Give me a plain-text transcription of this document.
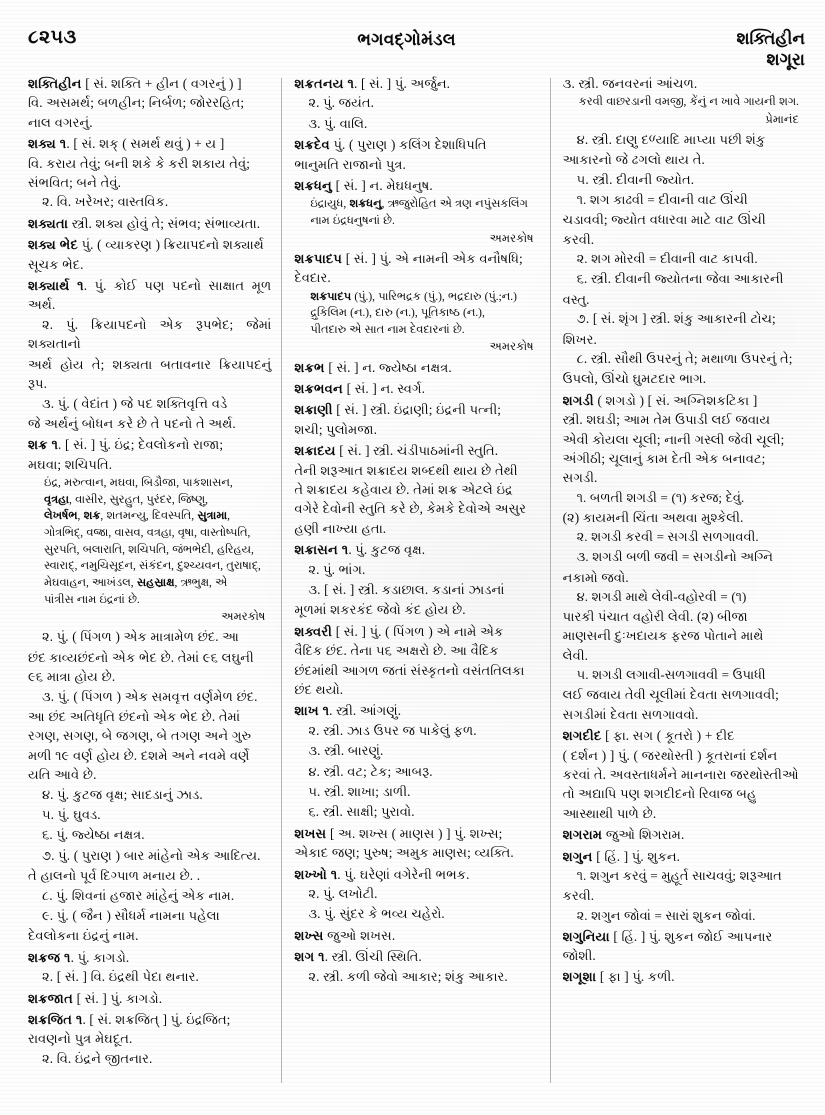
૮૨૫૩	ભગવદ્ગોમંડલ	શક્તિહીન
શગૂરા
શક્તિહીન [ સં. શક્તિ + હીન ( વગરનું ) ]
વિ. અસમર્થ; બળહીન; નિર્બળ; જોરરહિત;
નાલ વગરનું.
શક્ય ૧. [ સં. શક્ ( સમર્થ થવું ) + ય ]
વિ. કરાય તેવું; બની શકે કે કરી શકાય તેવું;
સંભવિત; બને તેવું.
૨. વિ. ખરેખર; વાસ્તવિક.
શક્યતા સ્ત્રી. શક્ય હોવું તે; સંભવ; સંભાવ્યતા.
શક્ય ભેદ પું. ( વ્યાકરણ ) ક્રિયાપદનો શક્યાર્થ
સૂચક ભેદ.
શક્યાર્થ ૧. પું. કોઈ પણ પદનો સાક્ષાત મૂળ અર્થ.
૨. પું. ક્રિયાપદનો એક રૂપભેદ; જેમાં શક્યતાનો
અર્થ હોય તે; શક્યતા બતાવનાર ક્રિયાપદનું રૂપ.
૩. પું. ( વેદાંત ) જે પદ શક્તિવૃત્તિ વડે
જે અર્થનું બોધન કરે છે તે પદનો તે અર્થ.
શક્ર ૧. [ સં. ] પું. ઇંદ્ર; દેવલોકનો રાજા;
મઘવા; શચિપતિ.
ઇંદ્ર, મરુત્વાન, મઘવા, બિડૌજા, પાકશાસન,
વૃત્રહા, વાસીર, સુરહુત, પુરંદર, જિષ્ણુ,
લેખર્ષભ, શક્ર, શતમન્યુ, દિવસ્પતિ, સુત્રામા,
ગોત્રભિદ્, વજ્રા, વાસવ, વત્રહા, વૃષા, વાસ્તોષ્પતિ,
સુરપતિ, બલારાતિ, શચિપતિ, જંભભેદી, હરિહય,
સ્વારાદ્, નમુચિસૂદન, સંકંદન, દુશ્ચ્યવન, તુરાષાદ્,
મેઘવાહન, આખંડલ, સહસ્રાક્ષ, ઋભુક્ષ, એ
પાંત્રીસ નામ ઇંદ્રનાં છે.
અમરકોષ
૨. પું. ( પિંગળ ) એક માત્રામેળ છંદ. આ
છંદ કાવ્યછંદનો એક ભેદ છે. તેમાં ૯૬ લઘુની
૯૬ માત્રા હોય છે.
૩. પું. ( પિંગળ ) એક સમવૃત્ત વર્ણમેળ છંદ.
આ છંદ અતિધૃતિ છંદનો એક ભેદ છે. તેમાં
રગણ, સગણ, બે જગણ, બે તગણ અને ગુરુ
મળી ૧૯ વર્ણ હોય છે. દશમે અને નવમે વર્ણે
યતિ આવે છે.
૪. પું. કુટજ વૃક્ષ; સાદડાનું ઝાડ.
૫. પું. ઘુવડ.
૬. પું. જ્યેષ્ઠા નક્ષત્ર.
૭. પું. ( પુરાણ ) બાર માંહેનો એક આદિત્ય.
તે હાલનો પૂર્વ દિગ્પાળ મનાય છે. .
૮. પું. શિવનાં હજાર માંહેનું એક નામ.
૯. પું. ( જૈન ) સૌધર્મ નામના પહેલા
દેવલોકના ઇંદ્રનું નામ.
શક્રજ ૧. પું. કાગડો.
૨. [ સં. ] વિ. ઇંદ્રથી પેદા થનાર.
શક્રજાત [ સં. ] પું. કાગડો.
શક્રજિત ૧. [ સં. શક્રજિત્ ] પું. ઇંદ્રજિત;
રાવણનો પુત્ર મેઘદૂત.
૨. વિ. ઇંદ્રને જીતનાર.
શક્રતનય ૧. [ સં. ] પું. અર્જુન.
૨. પું. જયંત.
૩. પું. વાલિ.
શક્રદેવ પું. ( પુરાણ ) કલિંગ દેશાધિપતિ
ભાનુમતિ રાજાનો પુત્ર.
શક્રધનુ [ સં. ] ન. મેઘધનુષ.
ઇંદ્રાયુધ, શક્રધનુ, ઋજુરોહિત એ ત્રણ નપુંસકલિંગ
નામ ઇંદ્રધનુષનાં છે.
અમરકોષ
શક્રપાદપ [ સં. ] પું. એ નામની એક વનૌષધિ;
દેવદાર.
શક્રપાદપ (પું.), પારિભદ્રક (પું.), ભદ્રદારુ (પું.;ન.)
દ્રુકિલિમ (ન.), દારુ (ન.), પૂતિકાષ્ઠ (ન.),
પીતદારુ એ સાત નામ દેવદારનાં છે.
અમરકોષ
શક્રભ [ સં. ] ન. જ્યેષ્ઠા નક્ષત્ર.
શક્રભવન [ સં. ] ન. સ્વર્ગ.
શક્રાણી [ સં. ] સ્ત્રી. ઇંદ્રાણી; ઇંદ્રની પત્ની;
શચી; પુલોમજા.
શક્રાદય [ સં. ] સ્ત્રી. ચંડીપાઠમાંની સ્તુતિ.
તેની શરૂઆત શક્રાદય શબ્દથી થાય છે તેથી
તે શક્રાદય કહેવાય છે. તેમાં શક્ર એટલે ઇંદ્ર
વગેરે દેવોની સ્તુતિ કરે છે, કેમકે દેવોએ અસુર
હણી નાખ્યા હતા.
શક્રાસન ૧. પું. કુટજ વૃક્ષ.
૨. પું. ભાંગ.
૩. [ સં. ] સ્ત્રી. કડાછાલ. કડાનાં ઝાડનાં
મૂળમાં શકરકંદ જેવો કંદ હોય છે.
શક્વરી [ સં. ] પું. ( પિંગળ ) એ નામે એક
વૈદિક છંદ. તેના ૫૬ અક્ષરો છે. આ વૈદિક
છંદમાંથી આગળ જતાં સંસ્કૃતનો વસંતતિલકા
છંદ થયો.
શાખ ૧. સ્ત્રી. આંગણું.
૨. સ્ત્રી. ઝાડ ઉપર જ પાકેલું ફળ.
૩. સ્ત્રી. બારણું.
૪. સ્ત્રી. વટ; ટેક; આબરૂ.
૫. સ્ત્રી. શાખા; ડાળી.
૬. સ્ત્રી. સાક્ષી; પુરાવો.
શખસ [ અ. શખ્સ ( માણસ ) ] પું. શખ્સ;
એકાદ જણ; પુરુષ; અમુક માણસ; વ્યક્તિ.
શખ્ખો ૧. પું. ઘરેણાં વગેરેની ભભક.
૨. પું. લખોટી.
૩. પું. સુંદર કે ભવ્ય ચહેરો.
શખ્સ જુઓ શખસ.
શગ ૧. સ્ત્રી. ઊંચી સ્થિતિ.
૨. સ્ત્રી. કળી જેવો આકાર; શંકુ આકાર.
૩. સ્ત્રી. જનવરનાં આંચળ.
કરવી વાછરડાની વમજી, કેંનું ન ખાવે ગાયની શગ.
પ્રેમાનંદ
૪. સ્ત્રી. દાણુ દળ્યાદિ માપ્યા પછી શંકુ
આકારનો જે ઢગલો થાય તે.
૫. સ્ત્રી. દીવાની જ્યોત.
૧. શગ કાઢવી = દીવાની વાટ ઊંચી
ચડાવવી; જ્યોત વધારવા માટે વાટ ઊંચી
કરવી.
૨. શગ મોરવી = દીવાની વાટ કાપવી.
૬. સ્ત્રી. દીવાની જ્યોતના જેવા આકારની
વસ્તુ.
૭. [ સં. શૃંગ ] સ્ત્રી. શંકુ આકારની ટોચ;
શિખર.
૮. સ્ત્રી. સૌથી ઉપરનું તે; મથાળા ઉપરનું તે;
ઉપલો, ઊંચો ઘુમટદાર ભાગ.
શગડી ( શગડો ) [ સં. અગ્નિશકટિકા ]
સ્ત્રી. શઘડી; આમ તેમ ઉપાડી લઈ જવાય
એવી કોયલા ચૂલી; નાની ગસ્લી જેવી ચૂલી;
અંગીઠી; ચૂલાનું કામ દેતી એક બનાવટ;
સગડી.
૧. બળતી શગડી = (૧) કરજ; દેવું.
(૨) કાયમની ચિંતા અથવા મુશ્કેલી.
૨. શગડી કરવી = સગડી સળગાવવી.
૩. શગડી બળી જવી = સગડીનો અગ્નિ
નકામો જવો.
૪. શગડી માથે લેવી-વહોરવી = (૧)
પારકી પંચાત વહોરી લેવી. (૨) બીજા
માણસની દુઃખદાયક ફરજ પોતાને માથે
લેવી.
૫. શગડી લગાવી-સળગાવવી = ઉપાધી
લઈ જવાય તેવી ચૂલીમાં દેવતા સળગાવવી;
સગડીમાં દેવતા સળગાવવો.
શગદીદ [ ફા. સગ ( કૂતરો ) + દીદ
( દર્શન ) ] પું. ( જરથોસ્તી ) કૂતરાનાં દર્શન
કરવાં તે. અવસ્તાધર્મને માનનારા જરથોસ્તીઓ
તો અદ્યાપિ પણ શગદીદનો રિવાજ બહુ
આસ્થાથી પાળે છે.
શગરામ જુઓ શિગરામ.
શગુન [ હિં. ] પું. શુકન.
૧. શગુન કરવું = મુહૂર્ત સાચવવું; શરૂઆત
કરવી.
૨. શગુન જોવાં = સારાં શુકન જોવાં.
શગુનિયા [ હિં. ] પું. શુકન જોઈ આપનાર
જોશી.
શગૂશા [ ફા ] પું. કળી.
